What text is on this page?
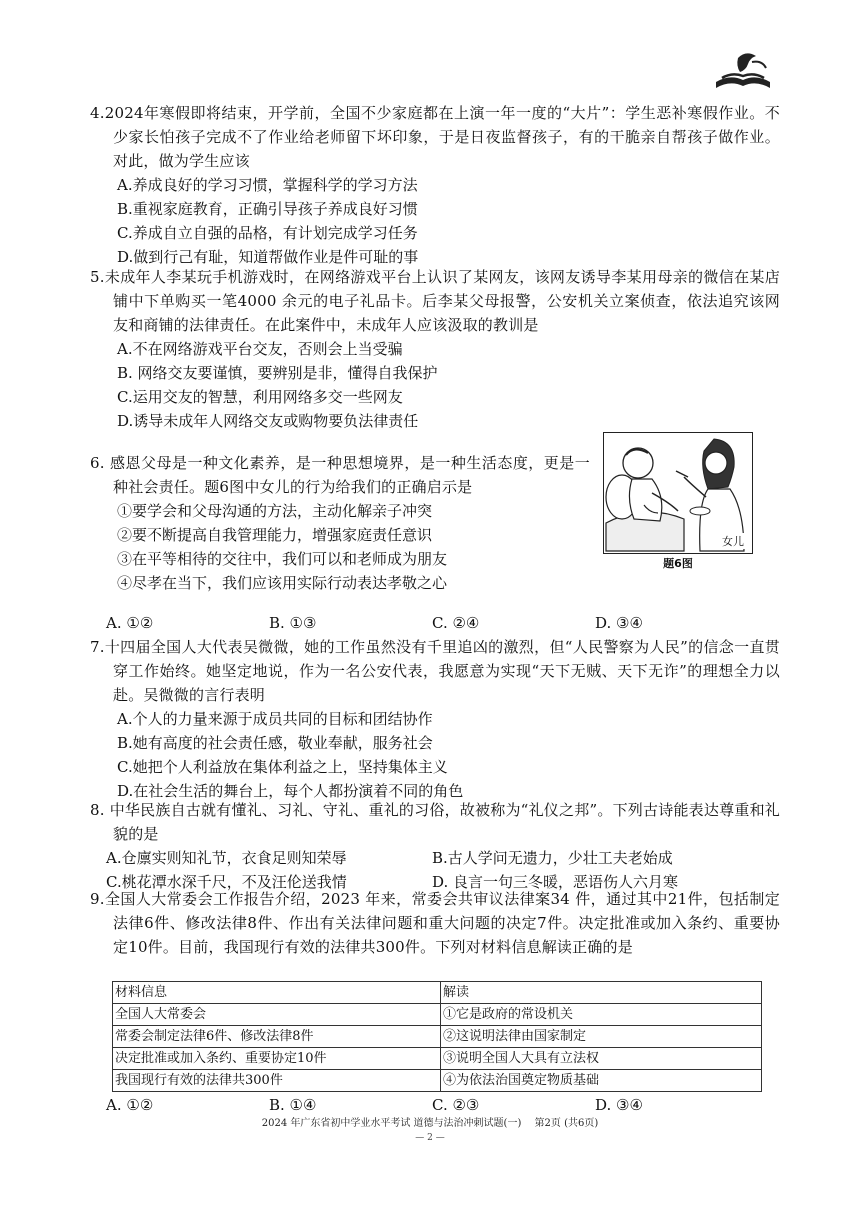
4.2024年寒假即将结束，开学前，全国不少家庭都在上演一年一度的“大片”：学生恶补寒假作业。不少家长怕孩子完成不了作业给老师留下坏印象，于是日夜监督孩子，有的干脆亲自帮孩子做作业。对此，做为学生应该

A.养成良好的学习习惯，掌握科学的学习方法

B.重视家庭教育，正确引导孩子养成良好习惯

C.养成自立自强的品格，有计划完成学习任务

D.做到行己有耻，知道帮做作业是件可耻的事

5.未成年人李某玩手机游戏时，在网络游戏平台上认识了某网友，该网友诱导李某用母亲的微信在某店铺中下单购买一笔4000 余元的电子礼品卡。后李某父母报警，公安机关立案侦查，依法追究该网友和商铺的法律责任。在此案件中，未成年人应该汲取的教训是

A.不在网络游戏平台交友，否则会上当受骗

B. 网络交友要谨慎，要辨别是非，懂得自我保护

C.运用交友的智慧，利用网络多交一些网友

D.诱导未成年人网络交友或购物要负法律责任

6. 感恩父母是一种文化素养，是一种思想境界，是一种生活态度，更是一种社会责任。题6图中女儿的行为给我们的正确启示是

①要学会和父母沟通的方法，主动化解亲子冲突

②要不断提高自我管理能力，增强家庭责任意识

③在平等相待的交往中，我们可以和老师成为朋友

④尽孝在当下，我们应该用实际行动表达孝敬之心

A. ①②	B. ①③	C. ②④	D. ③④
女儿
题6图

7.十四届全国人大代表吴微微，她的工作虽然没有千里追凶的激烈，但“人民警察为人民”的信念一直贯穿工作始终。她坚定地说，作为一名公安代表，我愿意为实现“天下无贼、天下无诈”的理想全力以赴。吴微微的言行表明

A.个人的力量来源于成员共同的目标和团结协作

B.她有高度的社会责任感，敬业奉献，服务社会

C.她把个人利益放在集体利益之上，坚持集体主义

D.在社会生活的舞台上，每个人都扮演着不同的角色

8. 中华民族自古就有懂礼、习礼、守礼、重礼的习俗，故被称为“礼仪之邦”。下列古诗能表达尊重和礼貌的是

A.仓廪实则知礼节，衣食足则知荣辱	B.古人学问无遗力，少壮工夫老始成
C.桃花潭水深千尺，不及汪伦送我情	D. 良言一句三冬暖，恶语伤人六月寒

9.全国人大常委会工作报告介绍，2023 年来，常委会共审议法律案34 件，通过其中21件，包括制定法律6件、修改法律8件、作出有关法律问题和重大问题的决定7件。决定批准或加入条约、重要协定10件。目前，我国现行有效的法律共300件。下列对材料信息解读正确的是

材料信息	解读
全国人大常委会	①它是政府的常设机关
常委会制定法律6件、修改法律8件	②这说明法律由国家制定
决定批准或加入条约、重要协定10件	③说明全国人大具有立法权
我国现行有效的法律共300件	④为依法治国奠定物质基础
A. ①②	B. ①④	C. ②③	D. ③④
2024 年广东省初中学业水平考试 道德与法治冲刺试题(一)　 第2页 (共6页)
— 2 —
